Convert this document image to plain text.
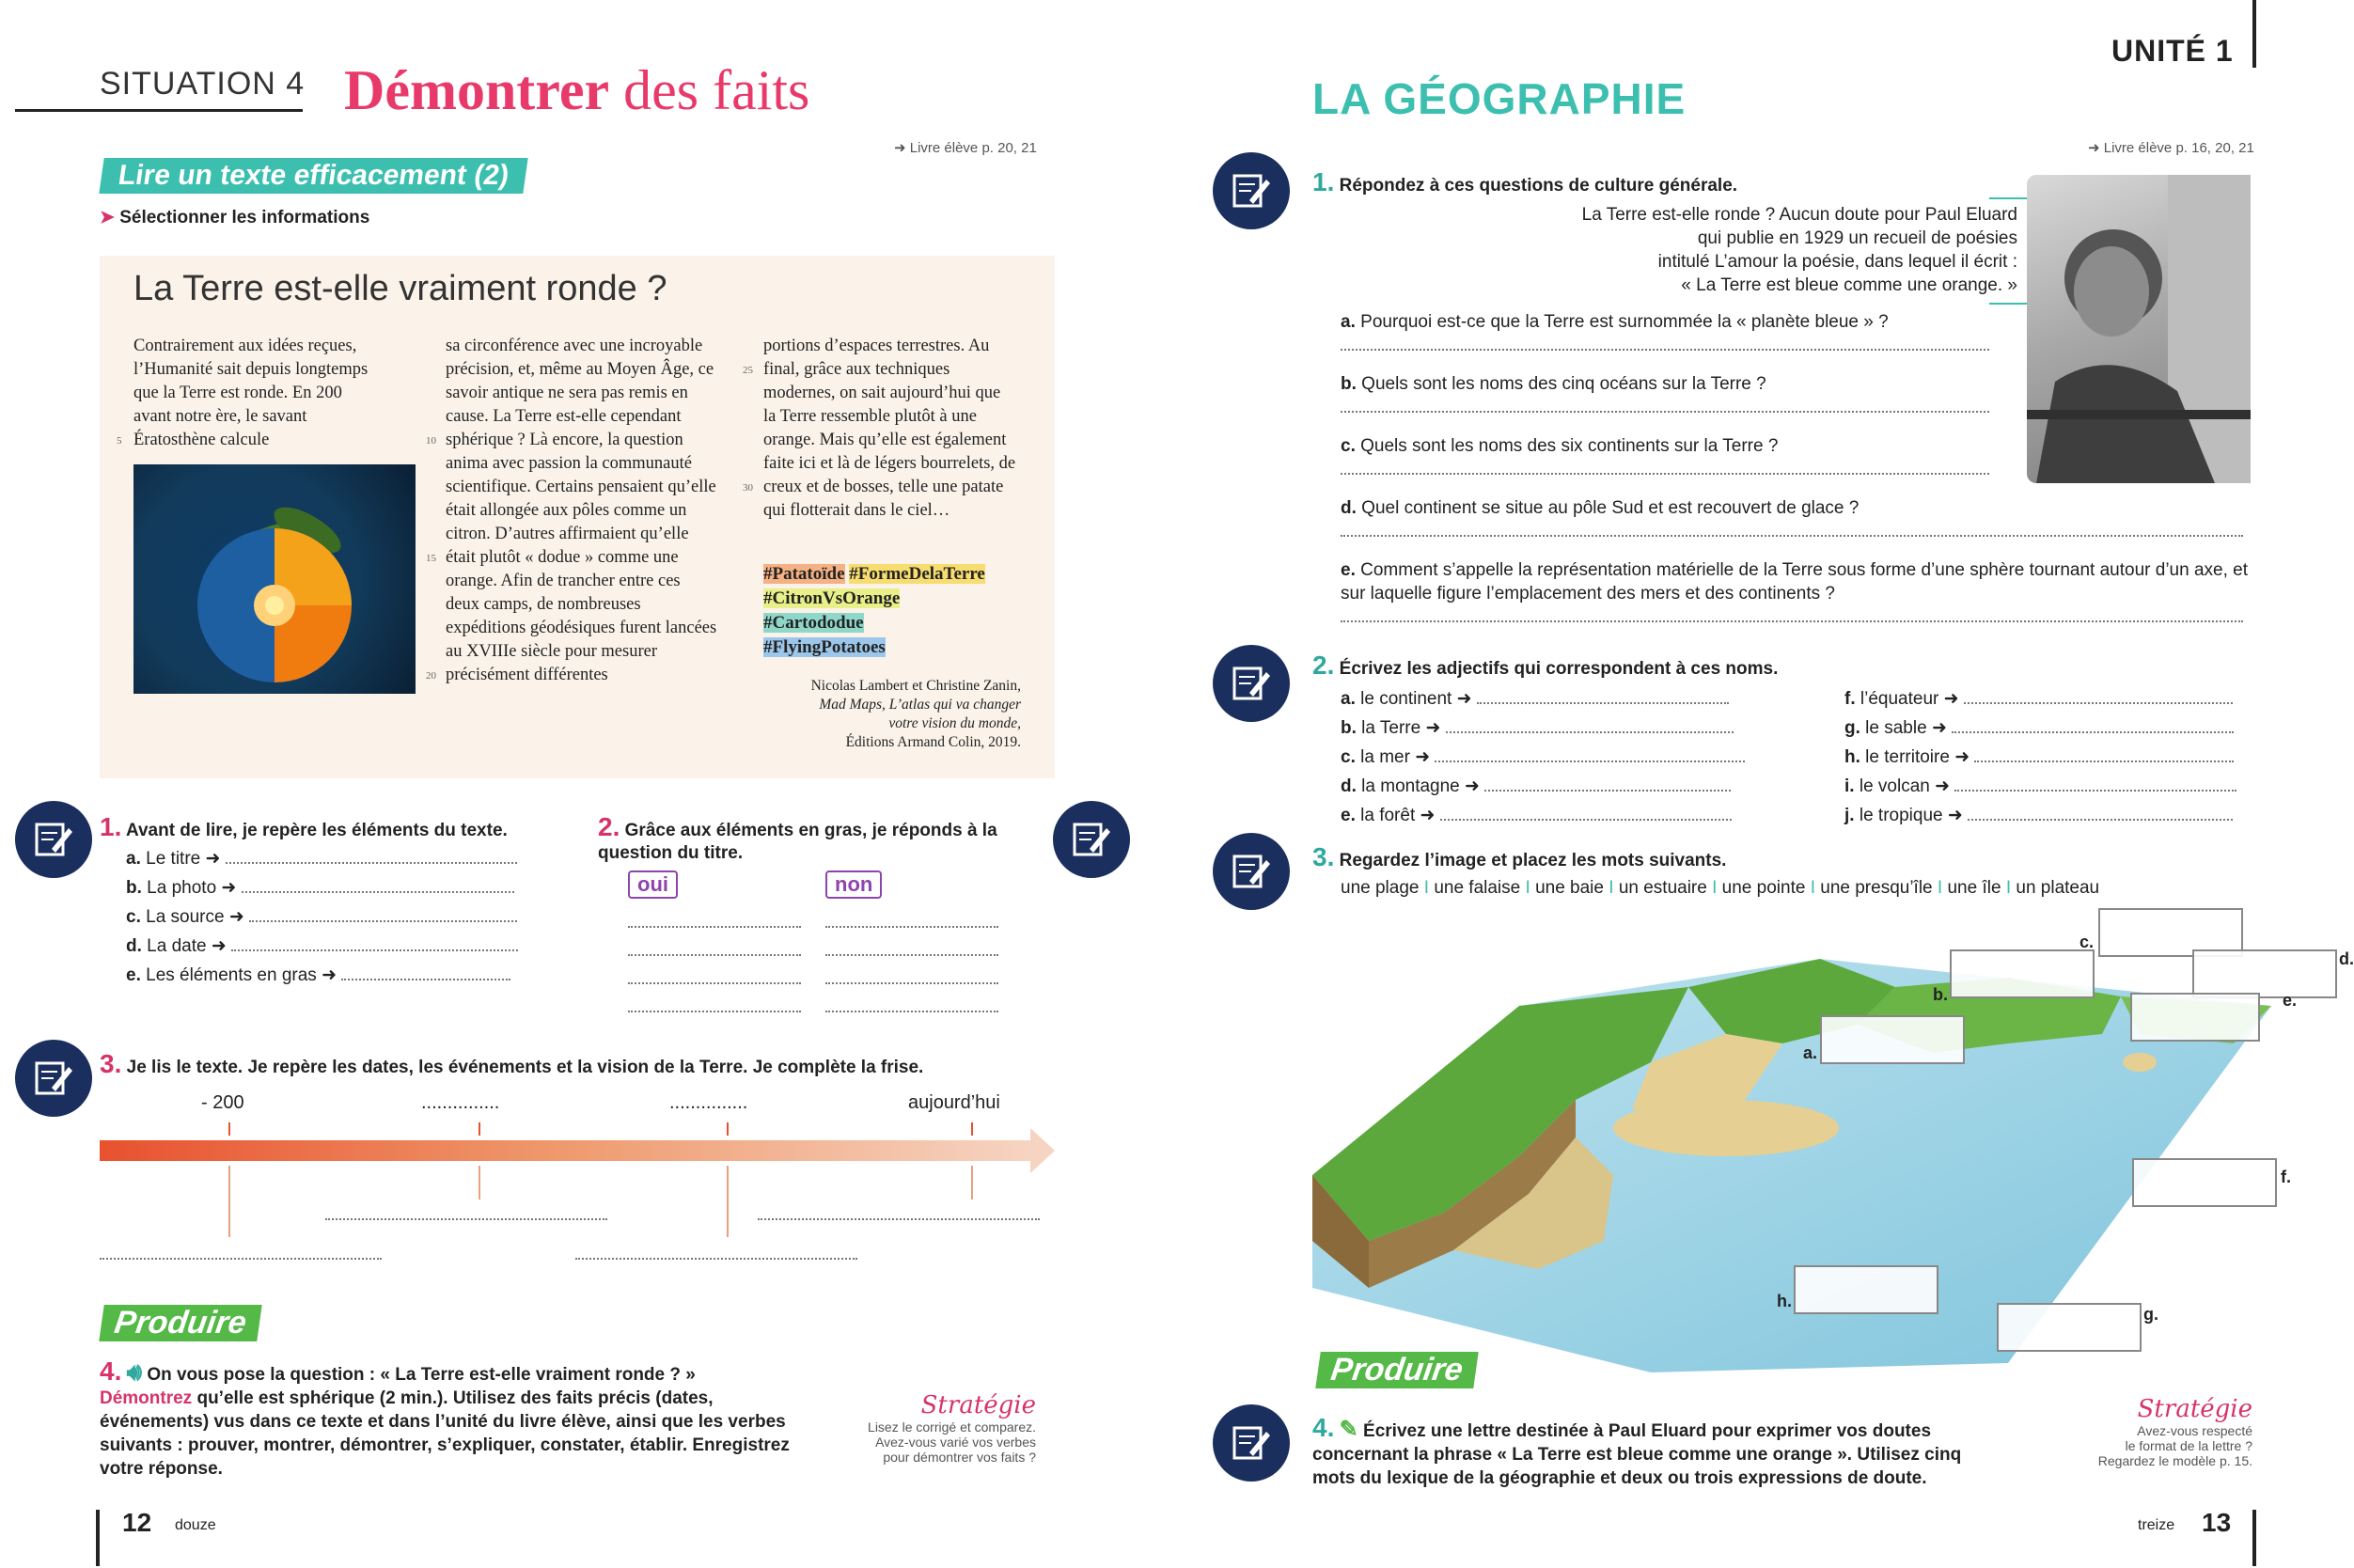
SITUATION 4 Démontrer des faits
➜ Livre élève p. 20, 21
Lire un texte efficacement (2)
➤ Sélectionner les informations
La Terre est-elle vraiment ronde ?
Contrairement aux idées reçues, l’Humanité sait depuis longtemps que la Terre est ronde. En 200 avant notre ère, le savant Ératosthène calcule
sa circonférence avec une incroyable précision, et, même au Moyen Âge, ce savoir antique ne sera pas remis en cause. La Terre est-elle cependant sphérique ? Là encore, la question anima avec passion la communauté scientifique. Certains pensaient qu’elle était allongée aux pôles comme un citron. D’autres affirmaient qu’elle était plutôt « dodue » comme une orange. Afin de trancher entre ces deux camps, de nombreuses expéditions géodésiques furent lancées au XVIIIe siècle pour mesurer précisément différentes
portions d’espaces terrestres. Au final, grâce aux techniques modernes, on sait aujourd’hui que la Terre ressemble plutôt à une orange. Mais qu’elle est également faite ici et là de légers bourrelets, de creux et de bosses, telle une patate qui flotterait dans le ciel…
5	10
15
20
25
30
#Patatoïde #FormeDelaTerre
#CitronVsOrange
#Cartododue
#FlyingPotatoes
Nicolas Lambert et Christine Zanin,
Mad Maps, L’atlas qui va changer
votre vision du monde,
Éditions Armand Colin, 2019.
1. Avant de lire, je repère les éléments du texte.
a. Le titre ➜
b. La photo ➜
c. La source ➜
d. La date ➜
e. Les éléments en gras ➜
2. Grâce aux éléments en gras, je réponds à la question du titre.
oui	non
3. Je lis le texte. Je repère les dates, les événements et la vision de la Terre. Je complète la frise.
- 200	...............	...............	aujourd’hui
Produire
4. 🔊︎ On vous pose la question : « La Terre est-elle vraiment ronde ? »
Démontrez qu’elle est sphérique (2 min.). Utilisez des faits précis (dates, événements) vus dans ce texte et dans l’unité du livre élève, ainsi que les verbes suivants : prouver, montrer, démontrer, s’expliquer, constater, établir. Enregistrez votre réponse.
Stratégie
Lisez le corrigé et comparez.
Avez-vous varié vos verbes
pour démontrer vos faits ?
12 douze
UNITÉ 1
LA GÉOGRAPHIE
➜ Livre élève p. 16, 20, 21
1. Répondez à ces questions de culture générale.
La Terre est-elle ronde ? Aucun doute pour Paul Eluard
qui publie en 1929 un recueil de poésies
intitulé L’amour la poésie, dans lequel il écrit :
« La Terre est bleue comme une orange. »
a. Pourquoi est-ce que la Terre est surnommée la « planète bleue » ?

b. Quels sont les noms des cinq océans sur la Terre ?

c. Quels sont les noms des six continents sur la Terre ?

d. Quel continent se situe au pôle Sud et est recouvert de glace ?

e. Comment s’appelle la représentation matérielle de la Terre sous forme d’une sphère tournant autour d’un axe, et sur laquelle figure l’emplacement des mers et des continents ?

2. Écrivez les adjectifs qui correspondent à ces noms.
a. le continent ➜
b. la Terre ➜
c. la mer ➜
d. la montagne ➜
e. la forêt ➜
f. l’équateur ➜
g. le sable ➜
h. le territoire ➜
i. le volcan ➜
j. le tropique ➜
3. Regardez l’image et placez les mots suivants.
une plage I une falaise I une baie I un estuaire I une pointe I une presqu’île I une île I un plateau
a.
b.
c.
d.
e.
f.
g.
h.
Produire
4. ✎ Écrivez une lettre destinée à Paul Eluard pour exprimer vos doutes concernant la phrase « La Terre est bleue comme une orange ». Utilisez cinq mots du lexique de la géographie et deux ou trois expressions de doute.
Stratégie
Avez-vous respecté
le format de la lettre ?
Regardez le modèle p. 15.
treize 13
